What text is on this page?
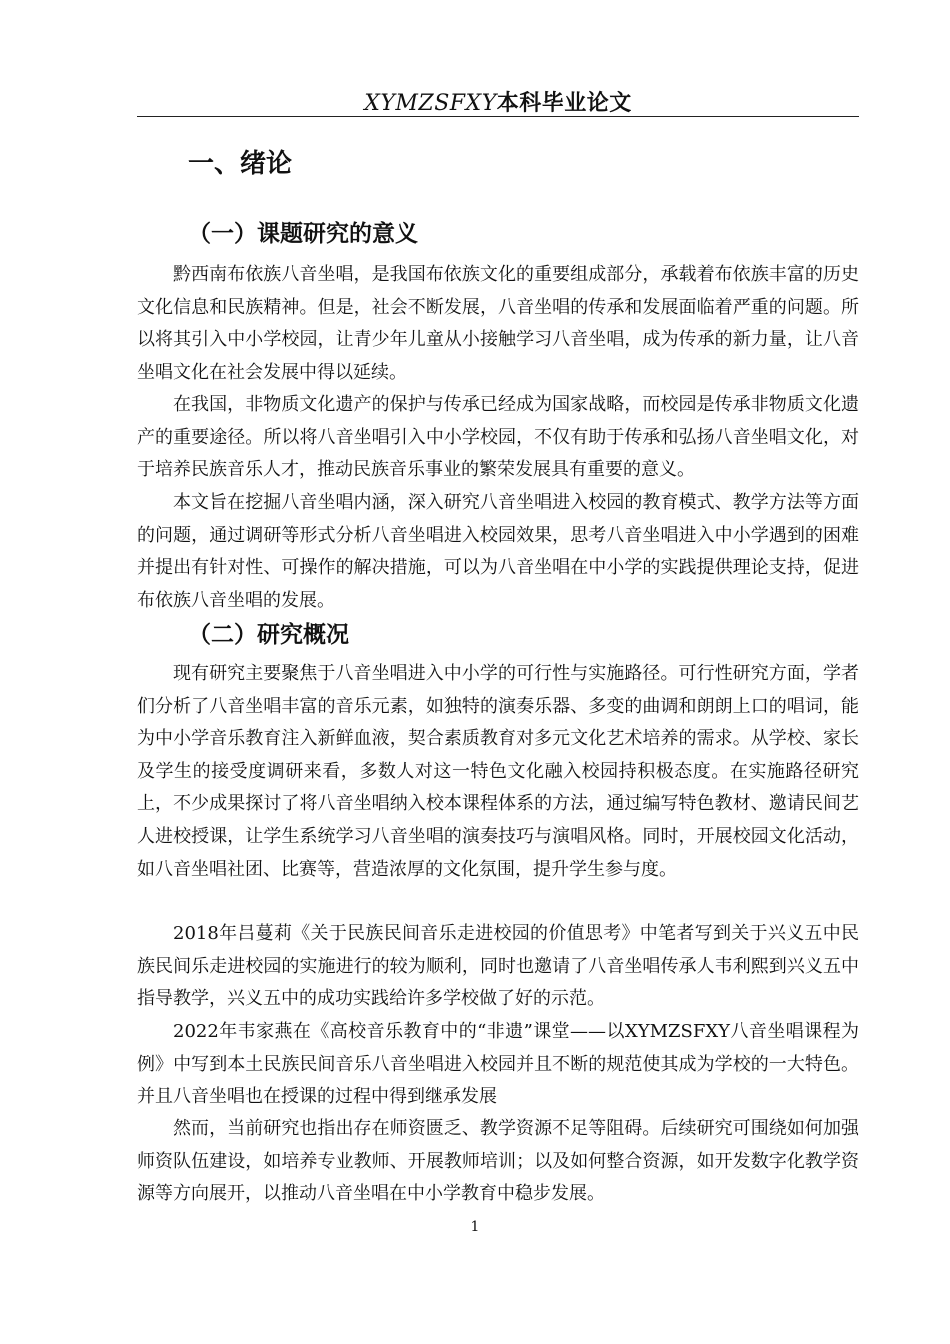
XYMZSFXY本科毕业论文
一、绪论
（一）课题研究的意义

黔西南布依族八音坐唱，是我国布依族文化的重要组成部分，承载着布依族丰富的历史文化信息和民族精神。但是，社会不断发展，八音坐唱的传承和发展面临着严重的问题。所以将其引入中小学校园，让青少年儿童从小接触学习八音坐唱，成为传承的新力量，让八音坐唱文化在社会发展中得以延续。

在我国，非物质文化遗产的保护与传承已经成为国家战略，而校园是传承非物质文化遗产的重要途径。所以将八音坐唱引入中小学校园，不仅有助于传承和弘扬八音坐唱文化，对于培养民族音乐人才，推动民族音乐事业的繁荣发展具有重要的意义。

本文旨在挖掘八音坐唱内涵，深入研究八音坐唱进入校园的教育模式、教学方法等方面的问题，通过调研等形式分析八音坐唱进入校园效果，思考八音坐唱进入中小学遇到的困难并提出有针对性、可操作的解决措施，可以为八音坐唱在中小学的实践提供理论支持，促进布依族八音坐唱的发展。

（二）研究概况

现有研究主要聚焦于八音坐唱进入中小学的可行性与实施路径。可行性研究方面，学者们分析了八音坐唱丰富的音乐元素，如独特的演奏乐器、多变的曲调和朗朗上口的唱词，能为中小学音乐教育注入新鲜血液，契合素质教育对多元文化艺术培养的需求。从学校、家长及学生的接受度调研来看，多数人对这一特色文化融入校园持积极态度。在实施路径研究上，不少成果探讨了将八音坐唱纳入校本课程体系的方法，通过编写特色教材、邀请民间艺人进校授课，让学生系统学习八音坐唱的演奏技巧与演唱风格。同时，开展校园文化活动，如八音坐唱社团、比赛等，营造浓厚的文化氛围，提升学生参与度。

2018年吕蔓莉《关于民族民间音乐走进校园的价值思考》中笔者写到关于兴义五中民族民间乐走进校园的实施进行的较为顺利，同时也邀请了八音坐唱传承人韦利熙到兴义五中指导教学，兴义五中的成功实践给许多学校做了好的示范。

2022年韦家燕在《高校音乐教育中的“非遗”课堂——以XYMZSFXY八音坐唱课程为例》中写到本土民族民间音乐八音坐唱进入校园并且不断的规范使其成为学校的一大特色。并且八音坐唱也在授课的过程中得到继承发展

然而，当前研究也指出存在师资匮乏、教学资源不足等阻碍。后续研究可围绕如何加强师资队伍建设，如培养专业教师、开展教师培训；以及如何整合资源，如开发数字化教学资源等方向展开，以推动八音坐唱在中小学教育中稳步发展。

1
